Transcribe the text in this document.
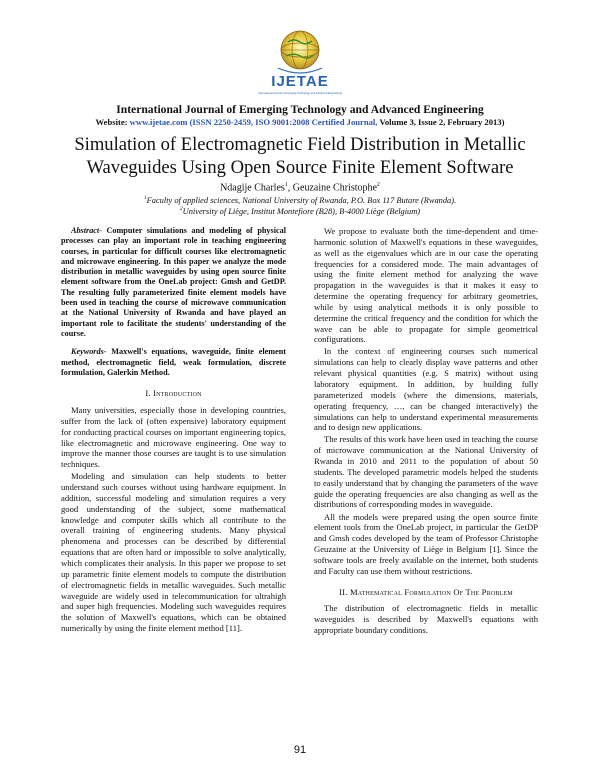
IJETAE
International Journal of Emerging Technology and Advanced Engineering
International Journal of Emerging Technology and Advanced Engineering
Website: www.ijetae.com (ISSN 2250-2459, ISO 9001:2008 Certified Journal, Volume 3, Issue 2, February 2013)
Simulation of Electromagnetic Field Distribution in Metallic Waveguides Using Open Source Finite Element Software
Ndagije Charles$^1$, Geuzaine Christophe$^2$
$^1$Faculty of applied sciences, National University of Rwanda, P.O. Box 117 Butare (Rwanda).
$^2$University of Liège, Institut Montefiore (B28), B-4000 Liège (Belgium)

Abstract- Computer simulations and modeling of physical processes can play an important role in teaching engineering courses, in particular for difficult courses like electromagnetic and microwave engineering. In this paper we analyze the mode distribution in metallic waveguides by using open source finite element software from the OneLab project: Gmsh and GetDP. The resulting fully parameterized finite element models have been used in teaching the course of microwave communication at the National University of Rwanda and have played an important role to facilitate the students' understanding of the course.

Keywords- Maxwell's equations, waveguide, finite element method, electromagnetic field, weak formulation, discrete formulation, Galerkin Method.

I. Introduction

Many universities, especially those in developing countries, suffer from the lack of (often expensive) laboratory equipment for conducting practical courses on important engineering topics, like electromagnetic and microwave engineering. One way to improve the manner those courses are taught is to use simulation techniques.

Modeling and simulation can help students to better understand such courses without using hardware equipment. In addition, successful modeling and simulation requires a very good understanding of the subject, some mathematical knowledge and computer skills which all contribute to the overall training of engineering students. Many physical phenomena and processes can be described by differential equations that are often hard or impossible to solve analytically, which complicates their analysis. In this paper we propose to set up parametric finite element models to compute the distribution of electromagnetic fields in metallic waveguides. Such metallic waveguide are widely used in telecommunication for ultrahigh and super high frequencies. Modeling such waveguides requires the solution of Maxwell's equations, which can be obtained numerically by using the finite element method [11].

We propose to evaluate both the time-dependent and time-harmonic solution of Maxwell's equations in these waveguides, as well as the eigenvalues which are in our case the operating frequencies for a considered mode. The main advantages of using the finite element method for analyzing the wave propagation in the waveguides is that it makes it easy to determine the operating frequency for arbitrary geometries, while by using analytical methods it is only possible to determine the critical frequency and the condition for which the wave can be able to propagate for simple geometrical configurations.

In the context of engineering courses such numerical simulations can help to clearly display wave patterns and other relevant physical quantities (e.g. S matrix) without using laboratory equipment. In addition, by building fully parameterized models (where the dimensions, materials, operating frequency, …, can be changed interactively) the simulations can help to understand experimental measurements and to design new applications.

The results of this work have been used in teaching the course of microwave communication at the National University of Rwanda in 2010 and 2011 to the population of about 50 students. The developed parametric models helped the students to easily understand that by changing the parameters of the wave guide the operating frequencies are also changing as well as the distributions of corresponding modes in waveguide.

All the models were prepared using the open source finite element tools from the OneLab project, in particular the GetDP and Gmsh codes developed by the team of Professor Christophe Geuzaine at the University of Liège in Belgium [1]. Since the software tools are freely available on the internet, both students and Faculty can use them without restrictions.

II. Mathematical Formulation Of The Problem

The distribution of electromagnetic fields in metallic waveguides is described by Maxwell's equations with appropriate boundary conditions.

91
